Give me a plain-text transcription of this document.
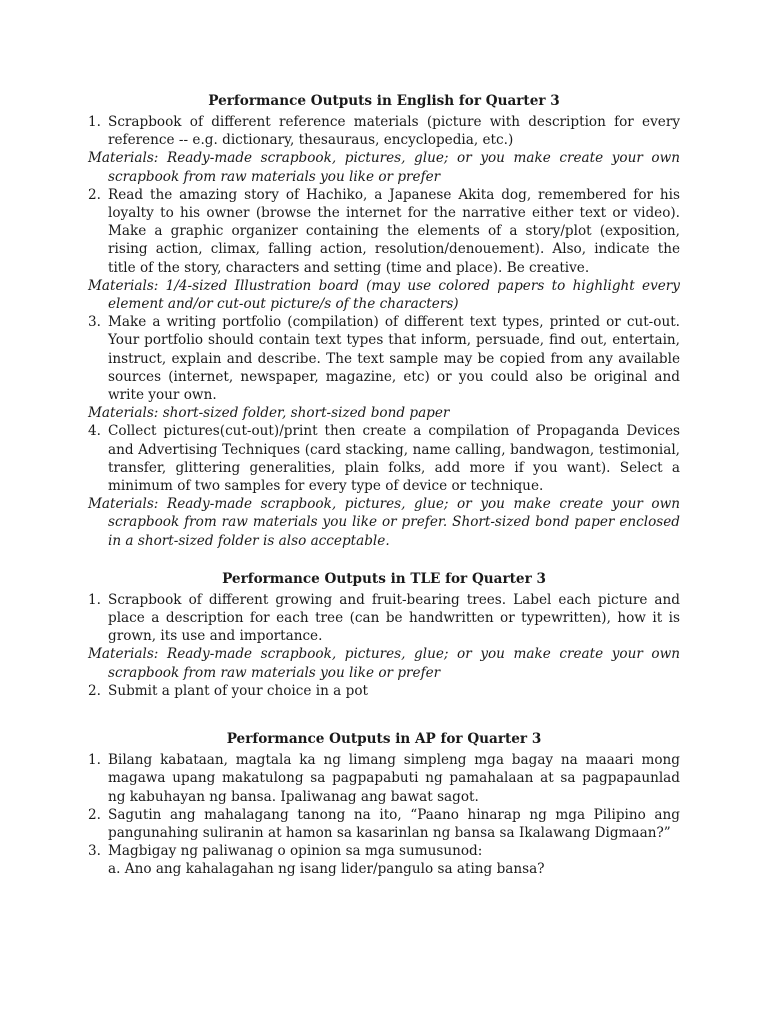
Performance Outputs in English for Quarter 3
1. Scrapbook of different reference materials (picture with description for every reference -- e.g. dictionary, thesauraus, encyclopedia, etc.)
Materials: Ready-made scrapbook, pictures, glue; or you make create your own scrapbook from raw materials you like or prefer
2. Read the amazing story of Hachiko, a Japanese Akita dog, remembered for his loyalty to his owner (browse the internet for the narrative either text or video). Make a graphic organizer containing the elements of a story/plot (exposition, rising action, climax, falling action, resolution/denouement). Also, indicate the title of the story, characters and setting (time and place). Be creative.
Materials: 1/4-sized Illustration board (may use colored papers to highlight every element and/or cut-out picture/s of the characters)
3. Make a writing portfolio (compilation) of different text types, printed or cut-out. Your portfolio should contain text types that inform, persuade, find out, entertain, instruct, explain and describe. The text sample may be copied from any available sources (internet, newspaper, magazine, etc) or you could also be original and write your own.
Materials: short-sized folder, short-sized bond paper
4. Collect pictures(cut-out)/print then create a compilation of Propaganda Devices and Advertising Techniques (card stacking, name calling, bandwagon, testimonial, transfer, glittering generalities, plain folks, add more if you want). Select a minimum of two samples for every type of device or technique.
Materials: Ready-made scrapbook, pictures, glue; or you make create your own scrapbook from raw materials you like or prefer. Short-sized bond paper enclosed in a short-sized folder is also acceptable.
Performance Outputs in TLE for Quarter 3
1. Scrapbook of different growing and fruit-bearing trees. Label each picture and place a description for each tree (can be handwritten or typewritten), how it is grown, its use and importance.
Materials: Ready-made scrapbook, pictures, glue; or you make create your own scrapbook from raw materials you like or prefer
2. Submit a plant of your choice in a pot
Performance Outputs in AP for Quarter 3
1. Bilang kabataan, magtala ka ng limang simpleng mga bagay na maaari mong magawa upang makatulong sa pagpapabuti ng pamahalaan at sa pagpapaunlad ng kabuhayan ng bansa. Ipaliwanag ang bawat sagot.
2. Sagutin ang mahalagang tanong na ito, “Paano hinarap ng mga Pilipino ang pangunahing suliranin at hamon sa kasarinlan ng bansa sa Ikalawang Digmaan?”
3. Magbigay ng paliwanag o opinion sa mga sumusunod:
a. Ano ang kahalagahan ng isang lider/pangulo sa ating bansa?
